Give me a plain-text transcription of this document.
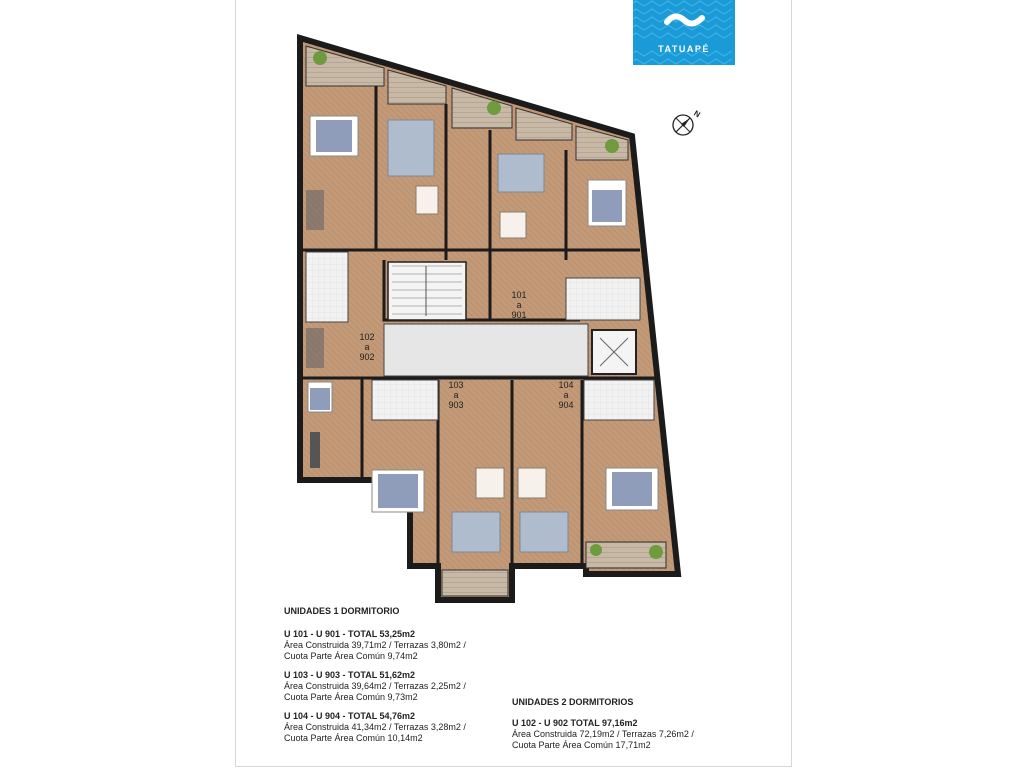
TATUAPÉ
N
101
a
901
102
a
902
103
a
903
104
a
904
UNIDADES 1 DORMITORIO
U 101 - U 901 - TOTAL 53,25m2
Área Construida 39,71m2 / Terrazas 3,80m2 /
Cuota Parte Área Común 9,74m2
U 103 - U 903 - TOTAL 51,62m2
Área Construida 39,64m2 / Terrazas 2,25m2 /
Cuota Parte Área Común 9,73m2
U 104 - U 904 - TOTAL 54,76m2
Área Construida 41,34m2 / Terrazas 3,28m2 /
Cuota Parte Área Común 10,14m2
UNIDADES 2 DORMITORIOS
U 102 - U 902 TOTAL 97,16m2
Área Construida 72,19m2 / Terrazas 7,26m2 /
Cuota Parte Área Común 17,71m2
